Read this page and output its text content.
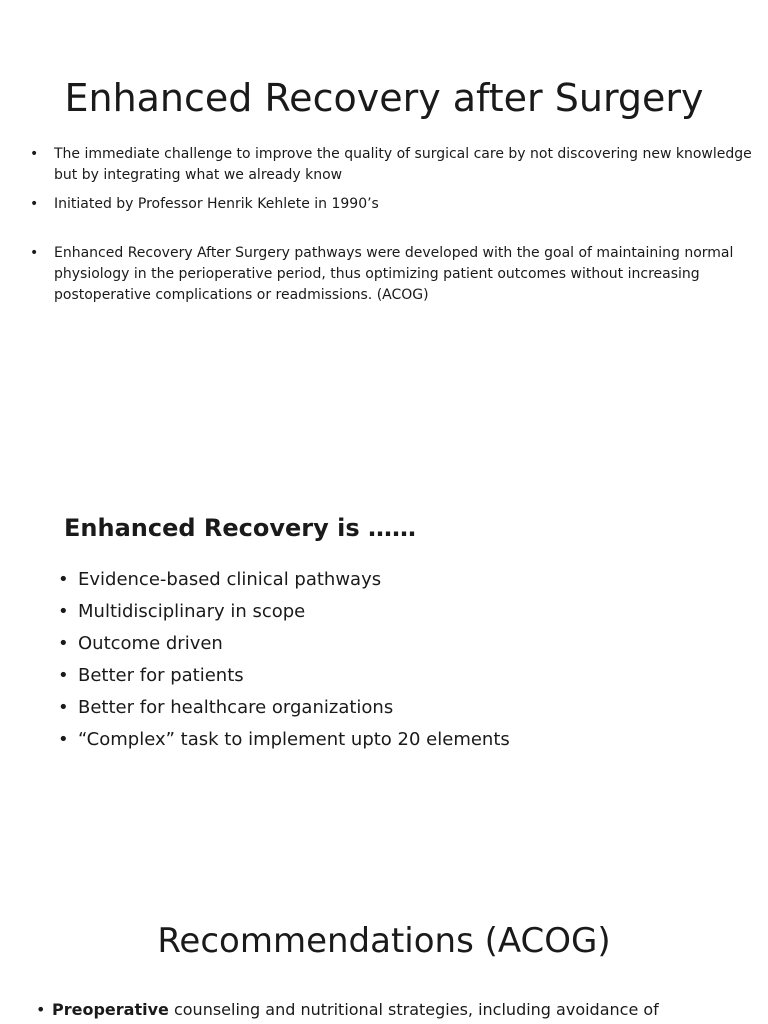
Enhanced Recovery after Surgery
• The immediate challenge to improve the quality of surgical care by not discovering new knowledge but by integrating what we already know
• Initiated by Professor Henrik Kehlete in 1990’s
• Enhanced Recovery After Surgery pathways were developed with the goal of maintaining normal physiology in the perioperative period, thus optimizing patient outcomes without increasing postoperative complications or readmissions. (ACOG)
Enhanced Recovery is ……
• Evidence-based clinical pathways
• Multidisciplinary in scope
• Outcome driven
• Better for patients
• Better for healthcare organizations
• “Complex” task to implement upto 20 elements
Recommendations (ACOG)
• Preoperative counseling and nutritional strategies, including avoidance of
